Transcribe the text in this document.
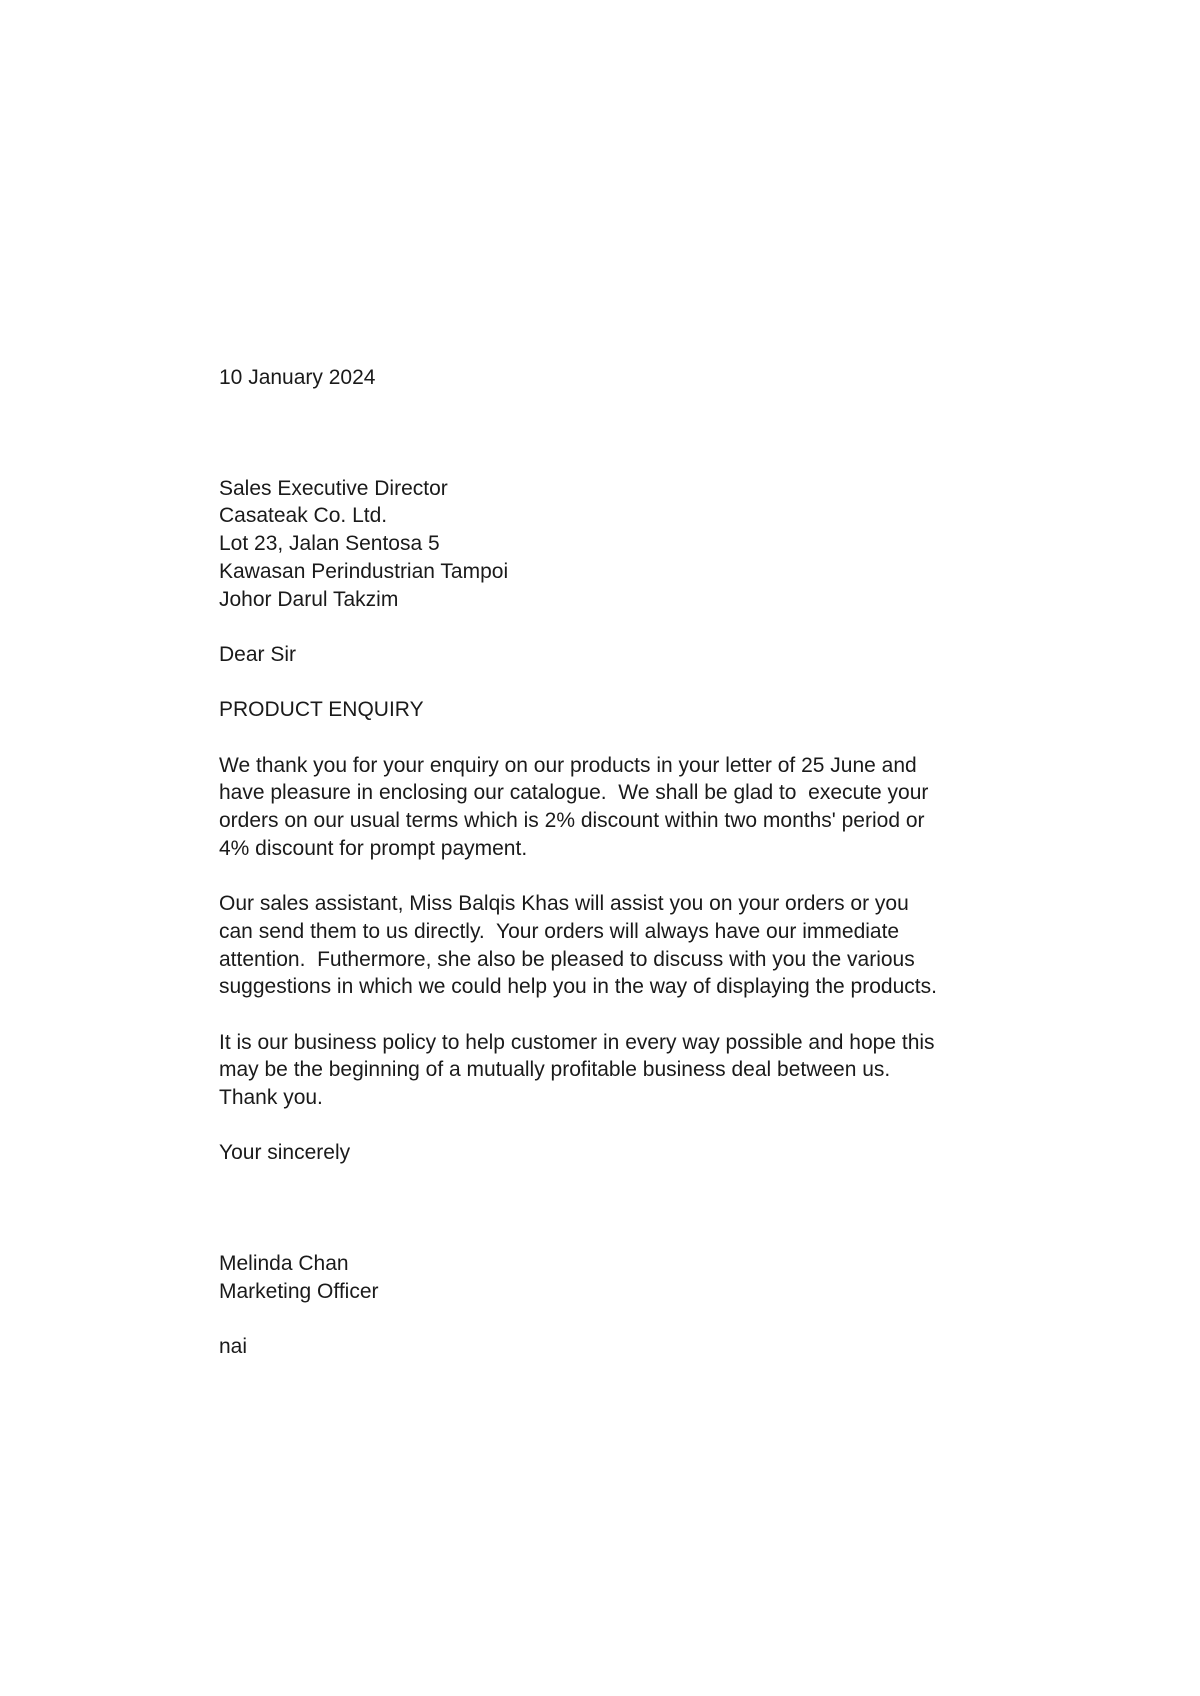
10 January 2024
Sales Executive Director
Casateak Co. Ltd.
Lot 23, Jalan Sentosa 5
Kawasan Perindustrian Tampoi
Johor Darul Takzim
Dear Sir
PRODUCT ENQUIRY
We thank you for your enquiry on our products in your letter of 25 June and
have pleasure in enclosing our catalogue.  We shall be glad to  execute your
orders on our usual terms which is 2% discount within two months' period or
4% discount for prompt payment.
Our sales assistant, Miss Balqis Khas will assist you on your orders or you
can send them to us directly.  Your orders will always have our immediate
attention.  Futhermore, she also be pleased to discuss with you the various
suggestions in which we could help you in the way of displaying the products.
It is our business policy to help customer in every way possible and hope this
may be the beginning of a mutually profitable business deal between us.
Thank you.
Your sincerely
Melinda Chan
Marketing Officer
nai
